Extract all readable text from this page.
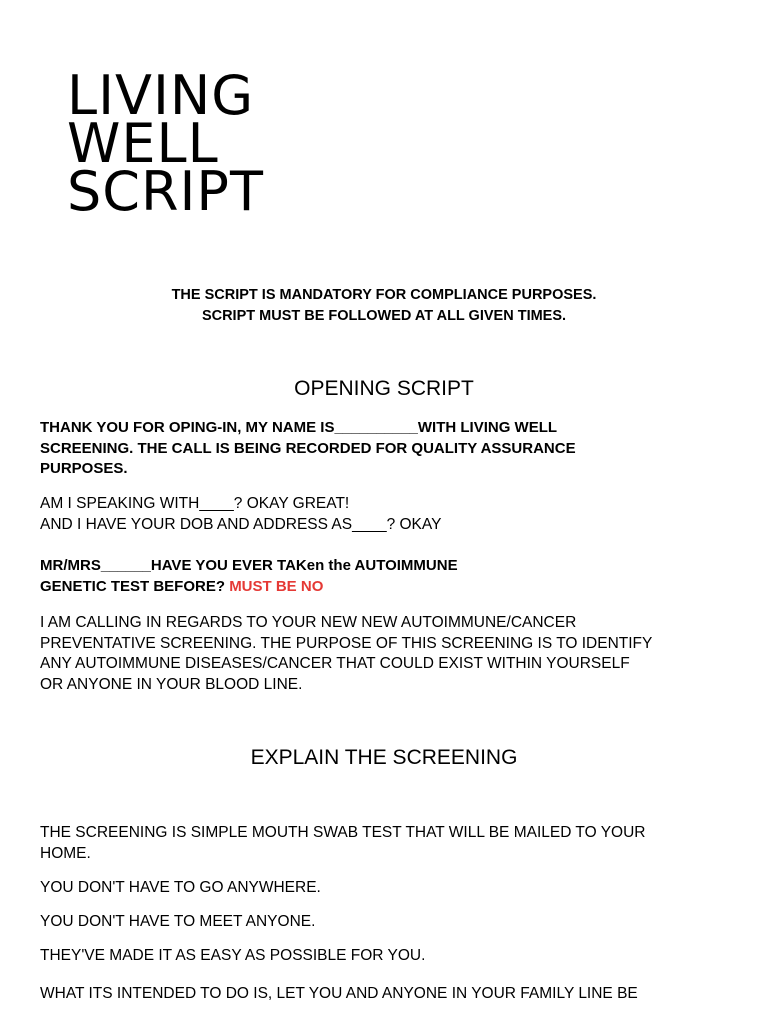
LIVING
WELL
SCRIPT
THE SCRIPT IS MANDATORY FOR COMPLIANCE PURPOSES.
SCRIPT MUST BE FOLLOWED AT ALL GIVEN TIMES.
OPENING SCRIPT

THANK YOU FOR OPING-IN, MY NAME IS__________WITH LIVING WELL
SCREENING. THE CALL IS BEING RECORDED FOR QUALITY ASSURANCE
PURPOSES.

AM I SPEAKING WITH____? OKAY GREAT!
AND I HAVE YOUR DOB AND ADDRESS AS____? OKAY

MR/MRS______HAVE YOU EVER TAKen the AUTOIMMUNE
GENETIC TEST BEFORE? MUST BE NO

I AM CALLING IN REGARDS TO YOUR NEW NEW AUTOIMMUNE/CANCER
PREVENTATIVE SCREENING. THE PURPOSE OF THIS SCREENING IS TO IDENTIFY
ANY AUTOIMMUNE DISEASES/CANCER THAT COULD EXIST WITHIN YOURSELF
OR ANYONE IN YOUR BLOOD LINE.

EXPLAIN THE SCREENING

THE SCREENING IS SIMPLE MOUTH SWAB TEST THAT WILL BE MAILED TO YOUR
HOME.

YOU DON'T HAVE TO GO ANYWHERE.

YOU DON'T HAVE TO MEET ANYONE.

THEY'VE MADE IT AS EASY AS POSSIBLE FOR YOU.

WHAT ITS INTENDED TO DO IS, LET YOU AND ANYONE IN YOUR FAMILY LINE BE
